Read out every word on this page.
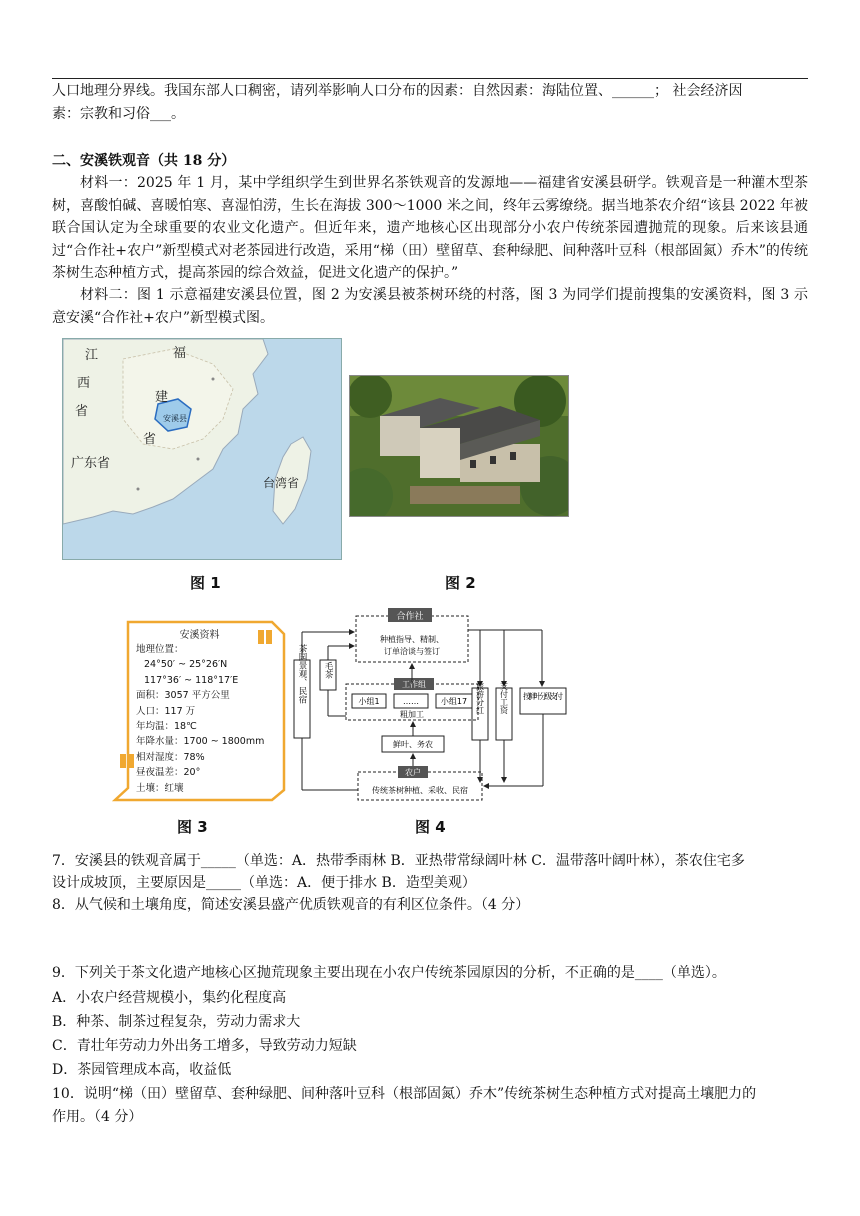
人口地理分界线。我国东部人口稠密，请列举影响人口分布的因素：自然因素：海陆位置、______； 社会经济因
素：宗教和习俗___。
二、安溪铁观音（共 18 分）
材料一：2025 年 1 月，某中学组织学生到世界名茶铁观音的发源地——福建省安溪县研学。铁观音是一种灌木型茶树，喜酸怕碱、喜暖怕寒、喜湿怕涝，生长在海拔 300〜1000 米之间，终年云雾缭绕。据当地茶农介绍“该县 2022 年被联合国认定为全球重要的农业文化遗产。但近年来，遗产地核心区出现部分小农户传统茶园遭抛荒的现象。后来该县通过“合作社+农户”新型模式对老茶园进行改造，采用“梯（田）壁留草、套种绿肥、间种落叶豆科（根部固氮）乔木”的传统茶树生态种植方式，提高茶园的综合效益，促进文化遗产的保护。”
材料二：图 1 示意福建安溪县位置，图 2 为安溪县被茶树环绕的村落，图 3 为同学们提前搜集的安溪资料，图 3 示意安溪“合作社+农户”新型模式图。
江
西
省
福
建
省
安溪县
广东省
台湾省
图 1	图 2
安溪资料
地理位置：
24°50′ ~ 25°26′N
117°36′ ~ 118°17′E
面积：3057 平方公里
人口：117 万
年均温：18℃
年降水量：1700 ~ 1800mm
相对湿度：78%
昼夜温差：20°
土壤：红壤
图 3
合作社
种植指导、精制、
订单洽谈与签订
茶园景观、民宿 毛茶
工作组
小组1	……	小组17
粗加工
鲜叶、务农
农户
传统茶树种植、采收、民宿
旅游分红 支付工资 按鲜叶分级支付
图 4
7．安溪县的铁观音属于_____（单选：A．热带季雨林 B．亚热带常绿阔叶林 C．温带落叶阔叶林），茶农住宅多
设计成坡顶，主要原因是_____（单选：A．便于排水 B．造型美观）
8．从气候和土壤角度，简述安溪县盛产优质铁观音的有利区位条件。（4 分）
9．下列关于茶文化遗产地核心区抛荒现象主要出现在小农户传统茶园原因的分析，不正确的是____（单选）。
A．小农户经营规模小，集约化程度高
B．种茶、制茶过程复杂，劳动力需求大
C．青壮年劳动力外出务工增多，导致劳动力短缺
D．茶园管理成本高，收益低
10．说明“梯（田）壁留草、套种绿肥、间种落叶豆科（根部固氮）乔木”传统茶树生态种植方式对提高土壤肥力的
作用。（4 分）
